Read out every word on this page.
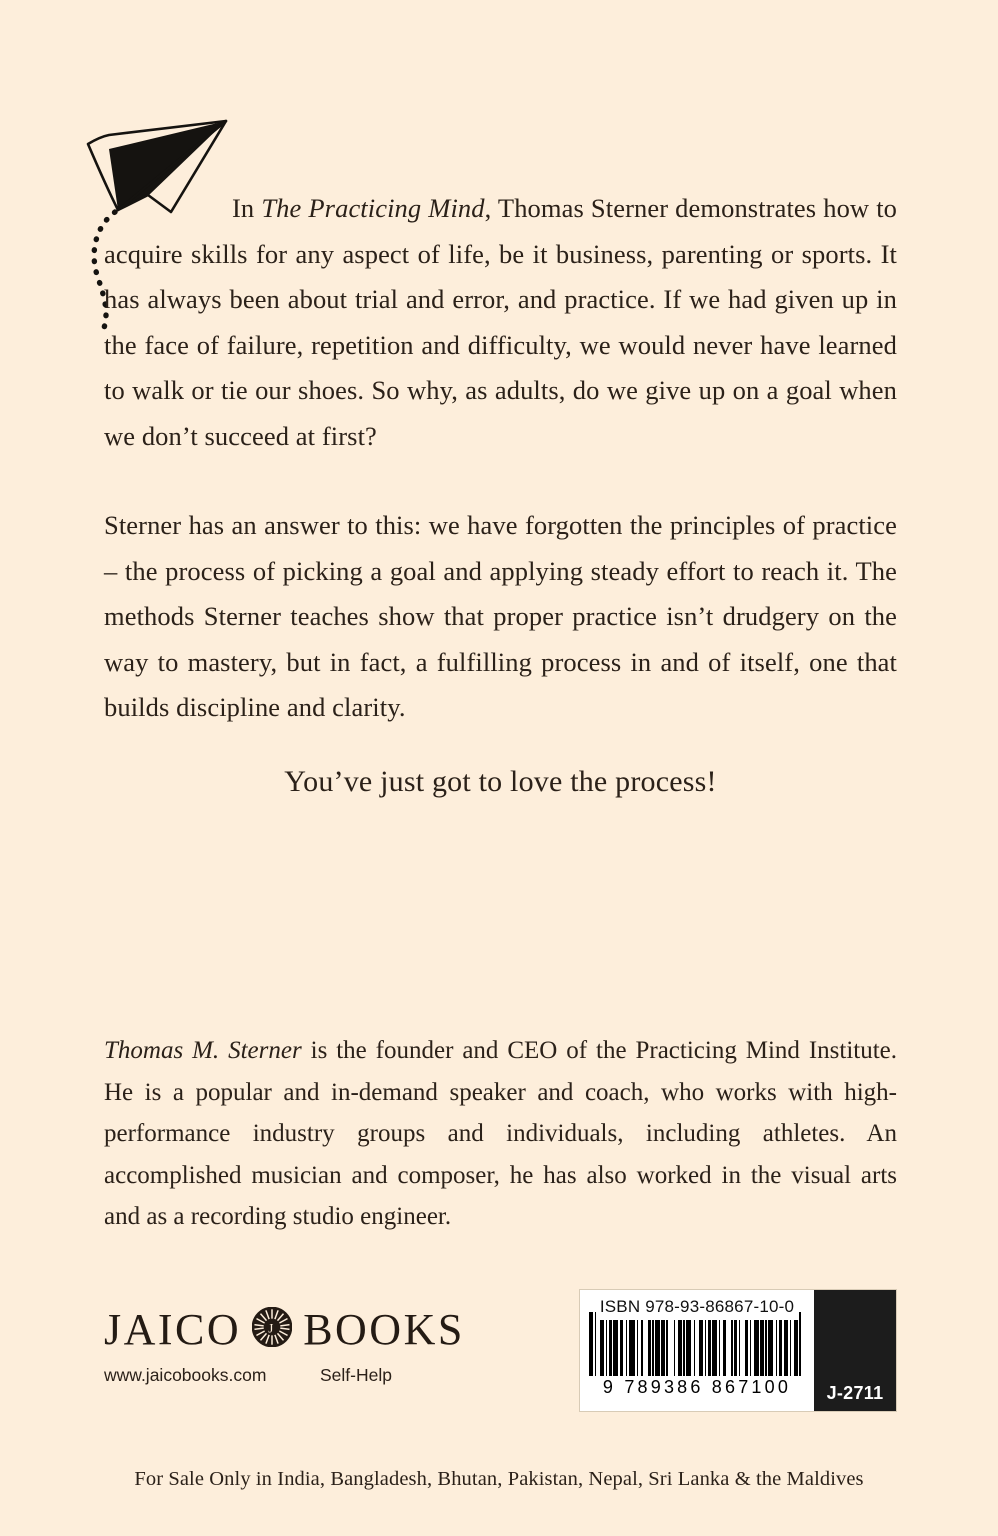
In The Practicing Mind, Thomas Sterner demonstrates how to acquire skills for any aspect of life, be it business, parenting or sports. It has always been about trial and error, and practice. If we had given up in the face of failure, repetition and difficulty, we would never have learned to walk or tie our shoes. So why, as adults, do we give up on a goal when we don’t succeed at first?

Sterner has an answer to this: we have forgotten the principles of practice – the process of picking a goal and applying steady effort to reach it. The methods Sterner teaches show that proper practice isn’t drudgery on the way to mastery, but in fact, a fulfilling process in and of itself, one that builds discipline and clarity.

You’ve just got to love the process!

Thomas M. Sterner is the founder and CEO of the Practicing Mind Institute. He is a popular and in-demand speaker and coach, who works with high-performance industry groups and individuals, including athletes. An accomplished musician and composer, he has also worked in the visual arts and as a recording studio engineer.

JAICO J BOOKS
www.jaicobooks.com	Self-Help
ISBN 978-93-86867-10-0
9 789386 867100	J-2711
For Sale Only in India, Bangladesh, Bhutan, Pakistan, Nepal, Sri Lanka & the Maldives
